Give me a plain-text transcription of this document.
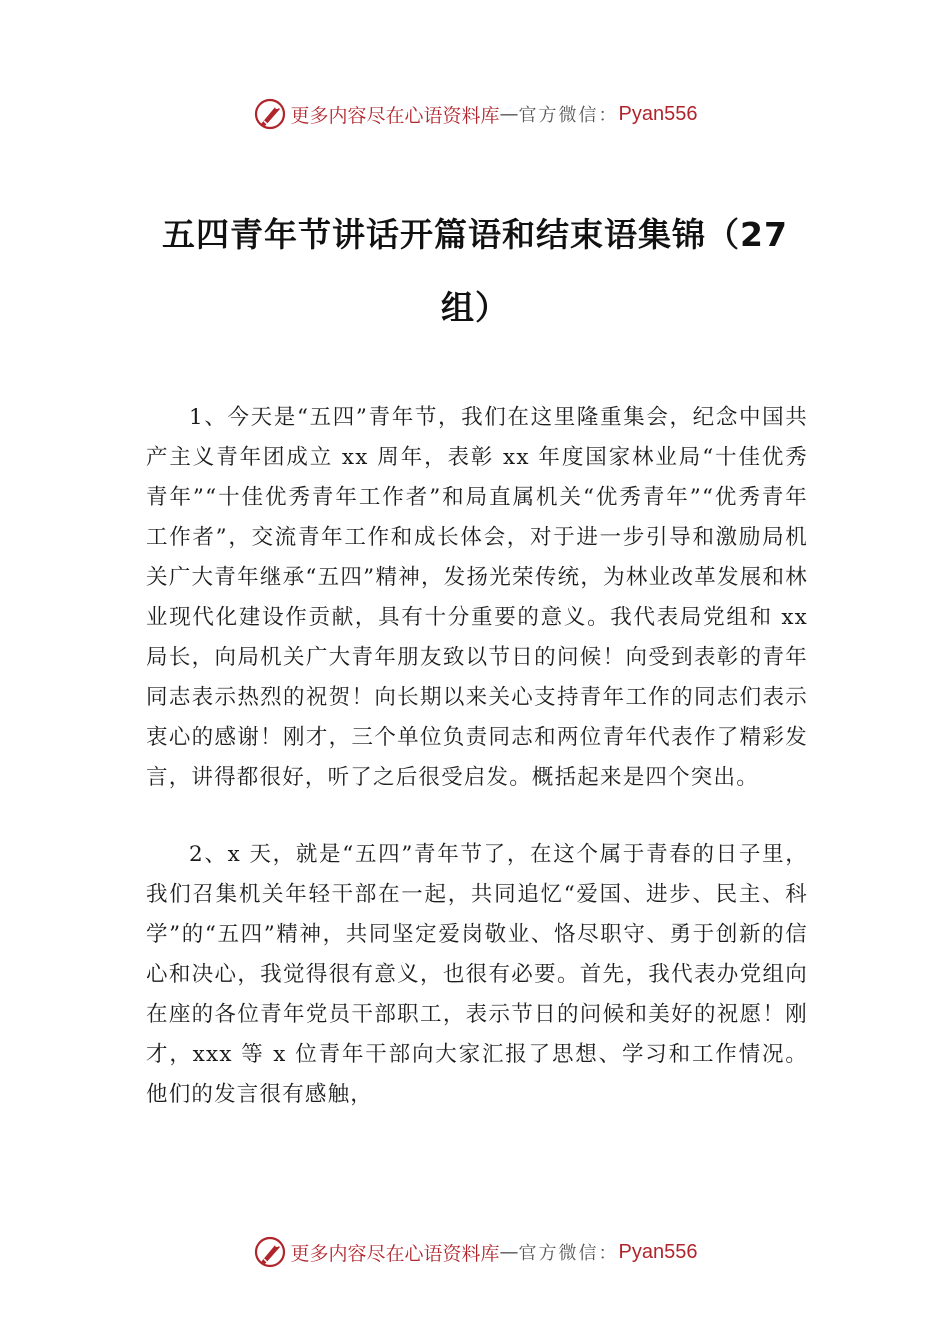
更多内容尽在心语资料库 — 官方微信： Pyan556
五四青年节讲话开篇语和结束语集锦（27组）

1、今天是“五四”青年节，我们在这里隆重集会，纪念中国共产主义青年团成立 xx 周年，表彰 xx 年度国家林业局“十佳优秀青年”“十佳优秀青年工作者”和局直属机关“优秀青年”“优秀青年工作者”，交流青年工作和成长体会，对于进一步引导和激励局机关广大青年继承“五四”精神，发扬光荣传统，为林业改革发展和林业现代化建设作贡献，具有十分重要的意义。我代表局党组和 xx 局长，向局机关广大青年朋友致以节日的问候！向受到表彰的青年同志表示热烈的祝贺！向长期以来关心支持青年工作的同志们表示衷心的感谢！刚才，三个单位负责同志和两位青年代表作了精彩发言，讲得都很好，听了之后很受启发。概括起来是四个突出。

2、x 天，就是“五四”青年节了，在这个属于青春的日子里，我们召集机关年轻干部在一起，共同追忆“爱国、进步、民主、科学”的“五四”精神，共同坚定爱岗敬业、恪尽职守、勇于创新的信心和决心，我觉得很有意义，也很有必要。首先，我代表办党组向在座的各位青年党员干部职工，表示节日的问候和美好的祝愿！刚才，xxx 等 x 位青年干部向大家汇报了思想、学习和工作情况。他们的发言很有感触，

更多内容尽在心语资料库 — 官方微信： Pyan556
